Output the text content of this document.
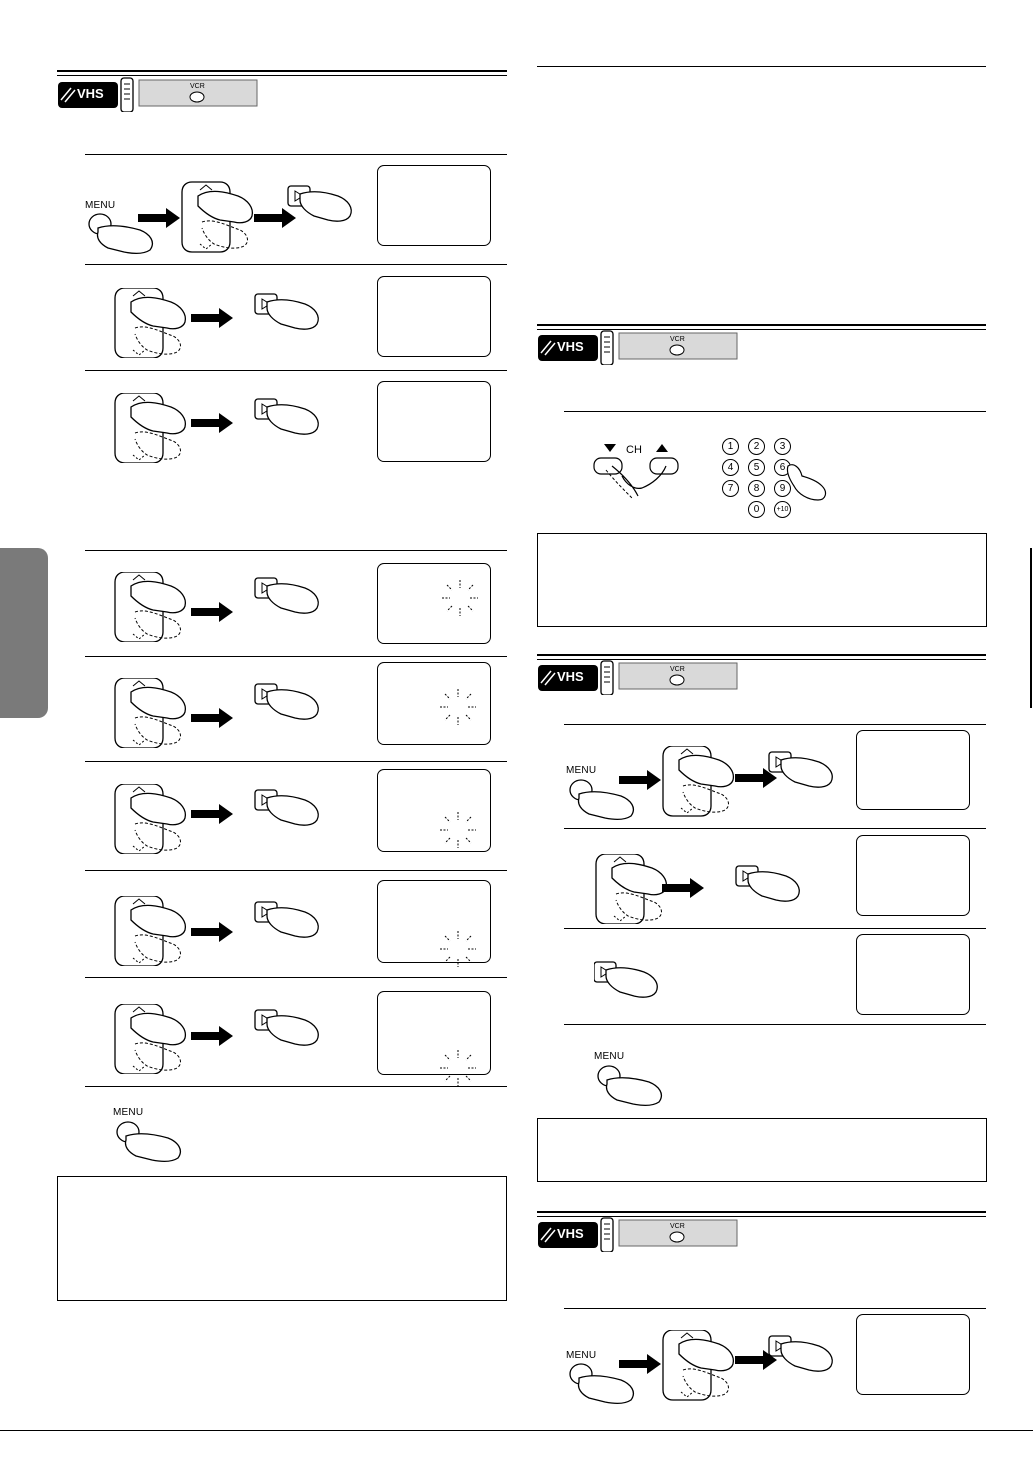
VHS	VCR
MENU
MENU
VHS	VCR
CH	1	2	3
4	5	6
7	8	9
0	+10
VHS	VCR
MENU
MENU
VHS	VCR
MENU
